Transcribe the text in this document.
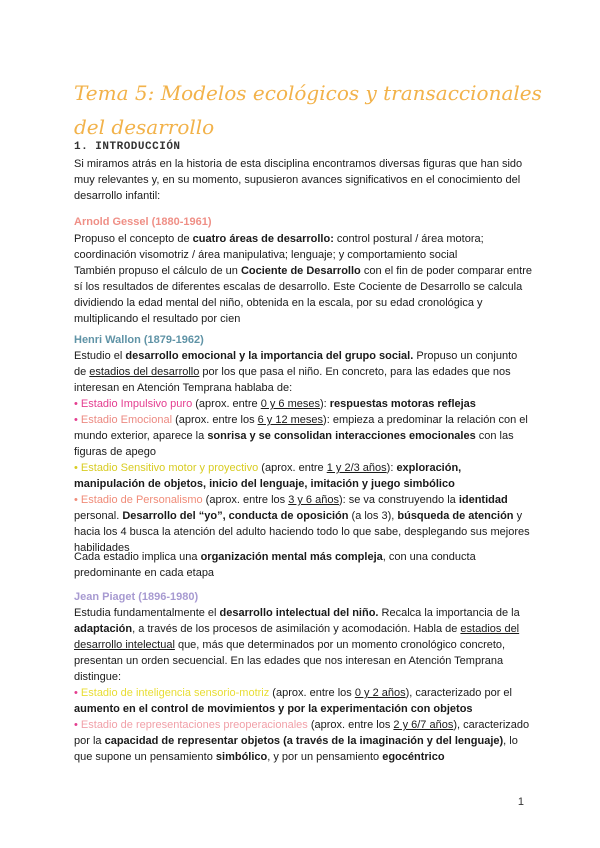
Tema 5: Modelos ecológicos y transaccionales del desarrollo
1. INTRODUCCIÓN

Si miramos atrás en la historia de esta disciplina encontramos diversas figuras que han sido muy relevantes y, en su momento, supusieron avances significativos en el conocimiento del desarrollo infantil:

Arnold Gessel (1880-1961)

Propuso el concepto de cuatro áreas de desarrollo: control postural / área motora; coordinación visomotriz / área manipulativa; lenguaje; y comportamiento social

También propuso el cálculo de un Cociente de Desarrollo con el fin de poder comparar entre sí los resultados de diferentes escalas de desarrollo. Este Cociente de Desarrollo se calcula dividiendo la edad mental del niño, obtenida en la escala, por su edad cronológica y multiplicando el resultado por cien

Henri Wallon (1879-1962)

Estudio el desarrollo emocional y la importancia del grupo social. Propuso un conjunto de estadios del desarrollo por los que pasa el niño. En concreto, para las edades que nos interesan en Atención Temprana hablaba de:

• Estadio Impulsivo puro (aprox. entre 0 y 6 meses): respuestas motoras reflejas

• Estadio Emocional (aprox. entre los 6 y 12 meses): empieza a predominar la relación con el mundo exterior, aparece la sonrisa y se consolidan interacciones emocionales con las figuras de apego

• Estadio Sensitivo motor y proyectivo (aprox. entre 1 y 2/3 años): exploración, manipulación de objetos, inicio del lenguaje, imitación y juego simbólico

• Estadio de Personalismo (aprox. entre los 3 y 6 años): se va construyendo la identidad personal. Desarrollo del “yo”, conducta de oposición (a los 3), búsqueda de atención y hacia los 4 busca la atención del adulto haciendo todo lo que sabe, desplegando sus mejores habilidades

Cada estadio implica una organización mental más compleja, con una conducta predominante en cada etapa

Jean Piaget (1896-1980)

Estudia fundamentalmente el desarrollo intelectual del niño. Recalca la importancia de la adaptación, a través de los procesos de asimilación y acomodación. Habla de estadios del desarrollo intelectual que, más que determinados por un momento cronológico concreto, presentan un orden secuencial. En las edades que nos interesan en Atención Temprana distingue:

• Estadio de inteligencia sensorio-motriz (aprox. entre los 0 y 2 años), caracterizado por el aumento en el control de movimientos y por la experimentación con objetos

• Estadio de representaciones preoperacionales (aprox. entre los 2 y 6/7 años), caracterizado por la capacidad de representar objetos (a través de la imaginación y del lenguaje), lo que supone un pensamiento simbólico, y por un pensamiento egocéntrico

1
